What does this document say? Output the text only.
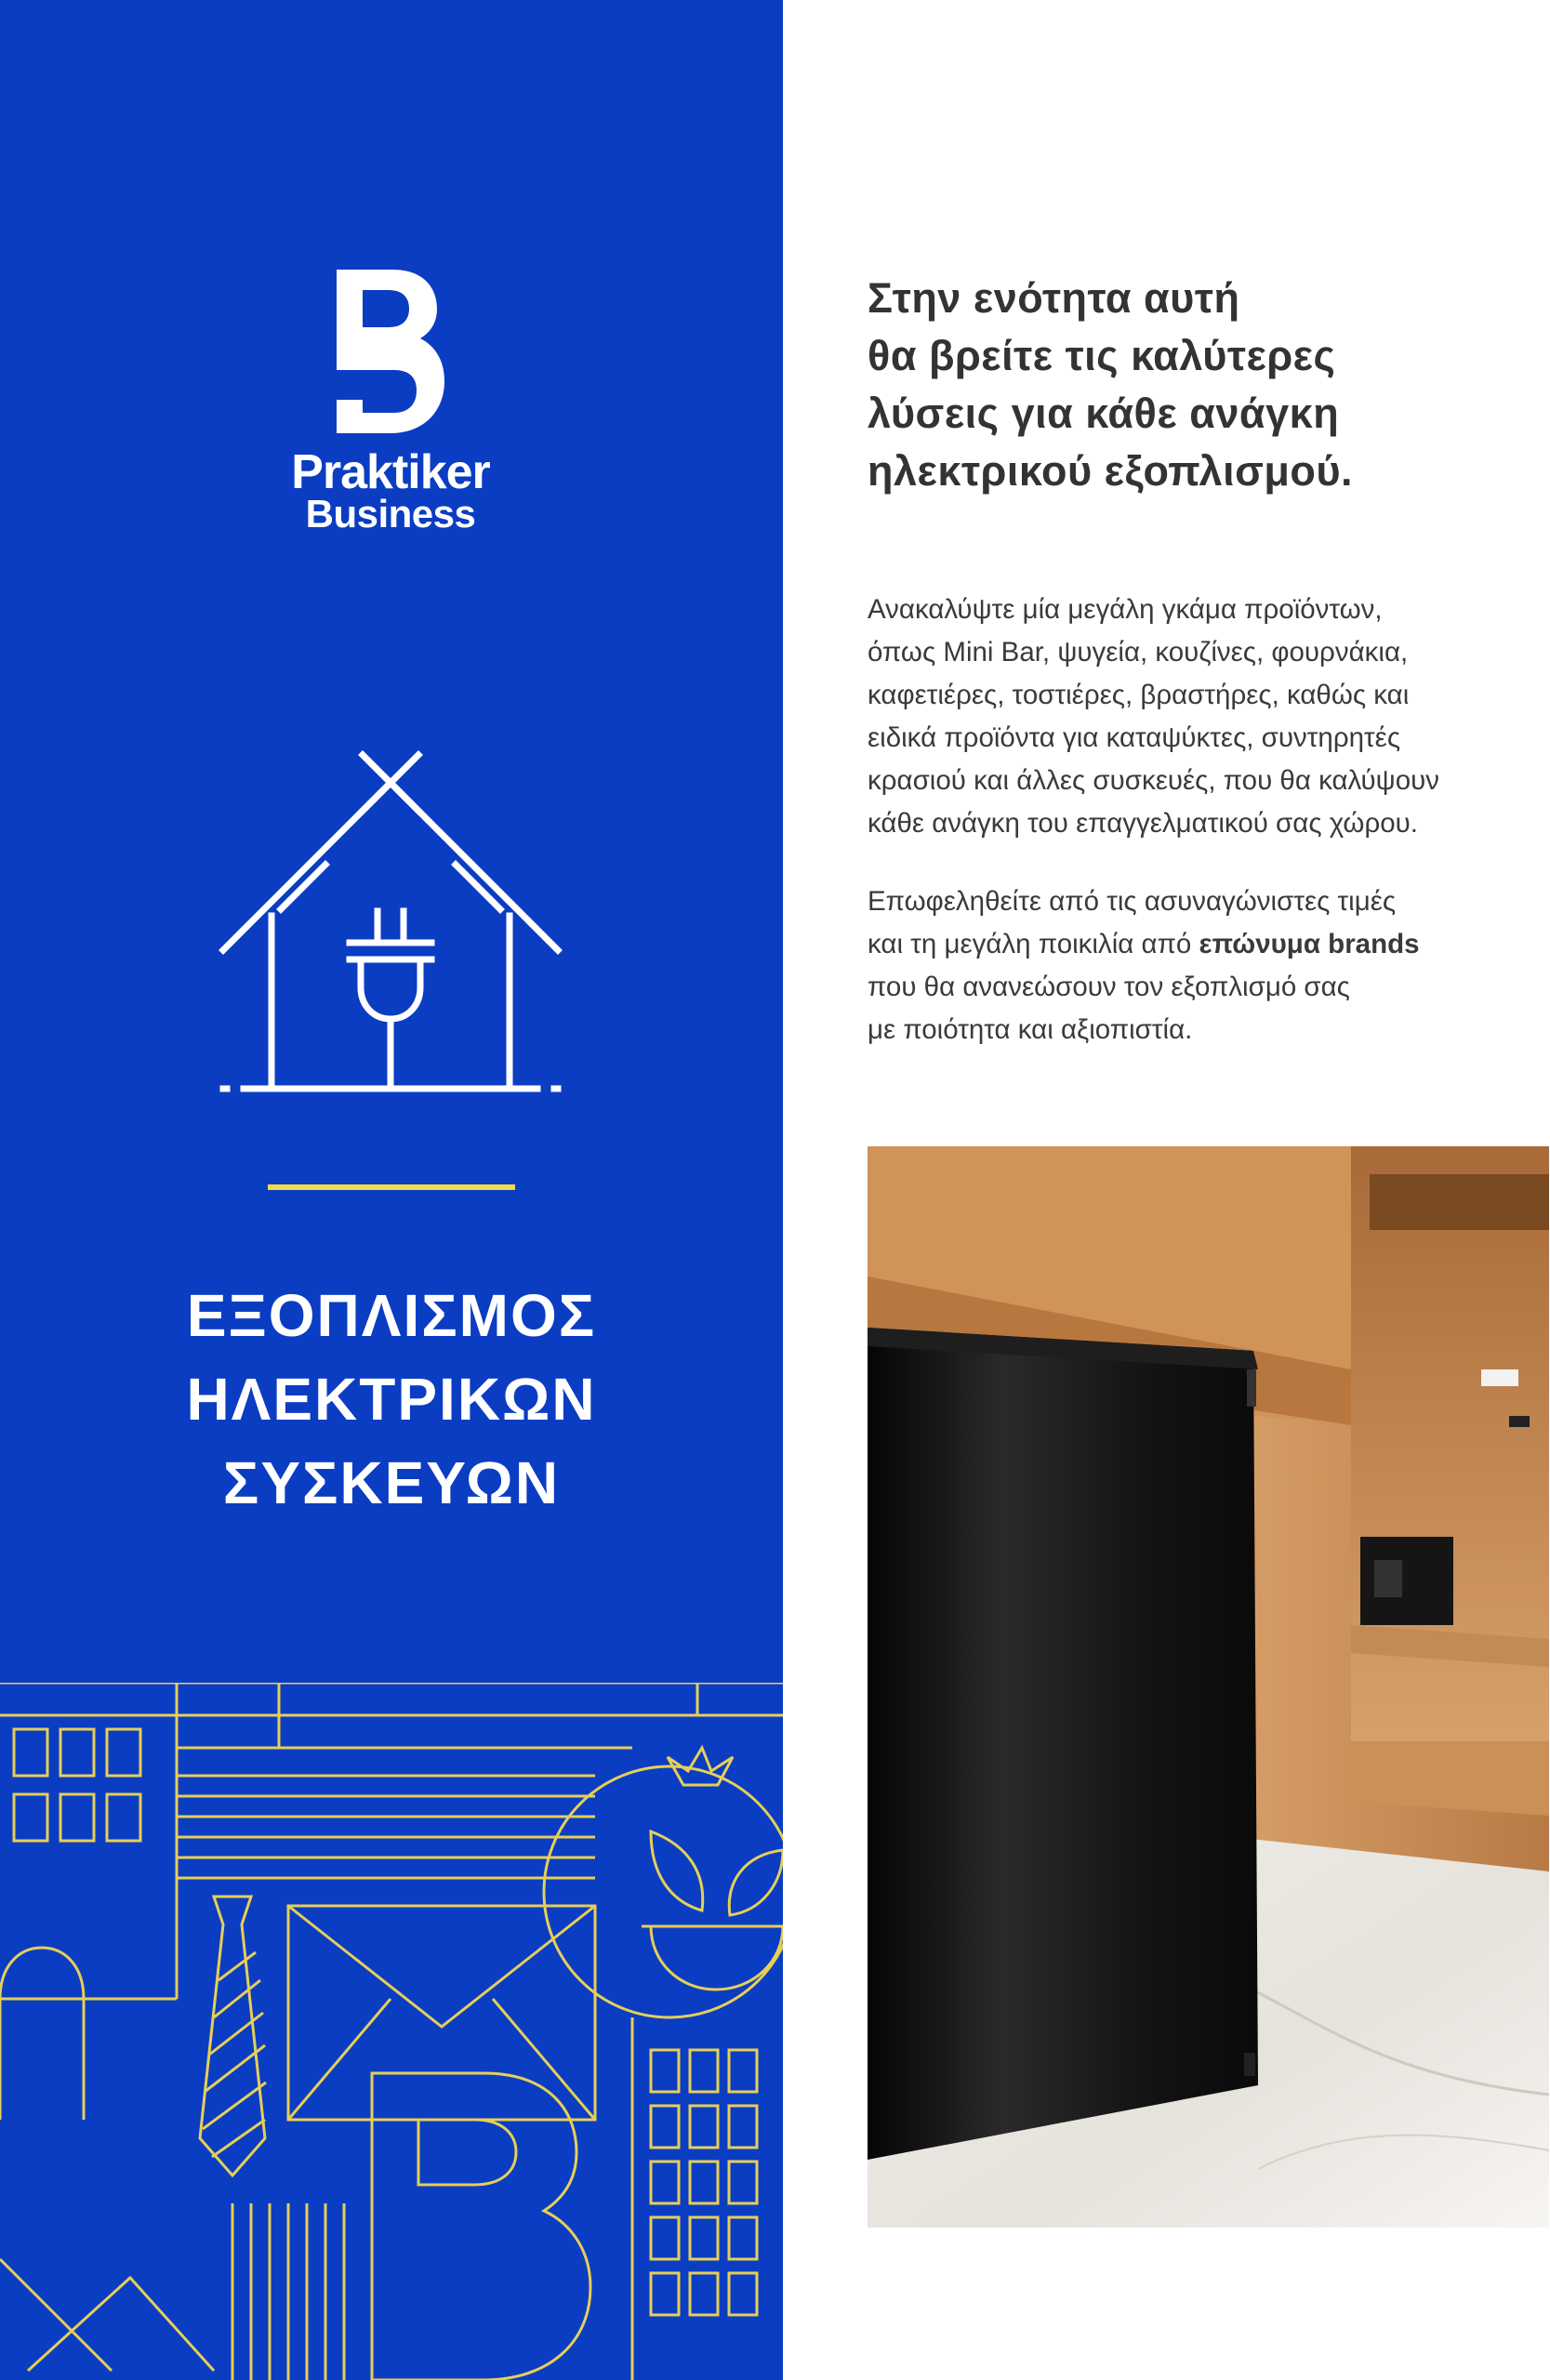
Praktiker
Business
ΕΞΟΠΛΙΣΜΟΣ
ΗΛΕΚΤΡΙΚΩΝ
ΣΥΣΚΕΥΩΝ
Στην ενότητα αυτή
θα βρείτε τις καλύτερες
λύσεις για κάθε ανάγκη
ηλεκτρικού εξοπλισμού.
Ανακαλύψτε μία μεγάλη γκάμα προϊόντων,
όπως Mini Bar, ψυγεία, κουζίνες, φουρνάκια,
καφετιέρες, τοστιέρες, βραστήρες, καθώς και
ειδικά προϊόντα για καταψύκτες, συντηρητές
κρασιού και άλλες συσκευές, που θα καλύψουν
κάθε ανάγκη του επαγγελματικού σας χώρου.
Επωφεληθείτε από τις ασυναγώνιστες τιμές
και τη μεγάλη ποικιλία από επώνυμα brands
που θα ανανεώσουν τον εξοπλισμό σας
με ποιότητα και αξιοπιστία.
